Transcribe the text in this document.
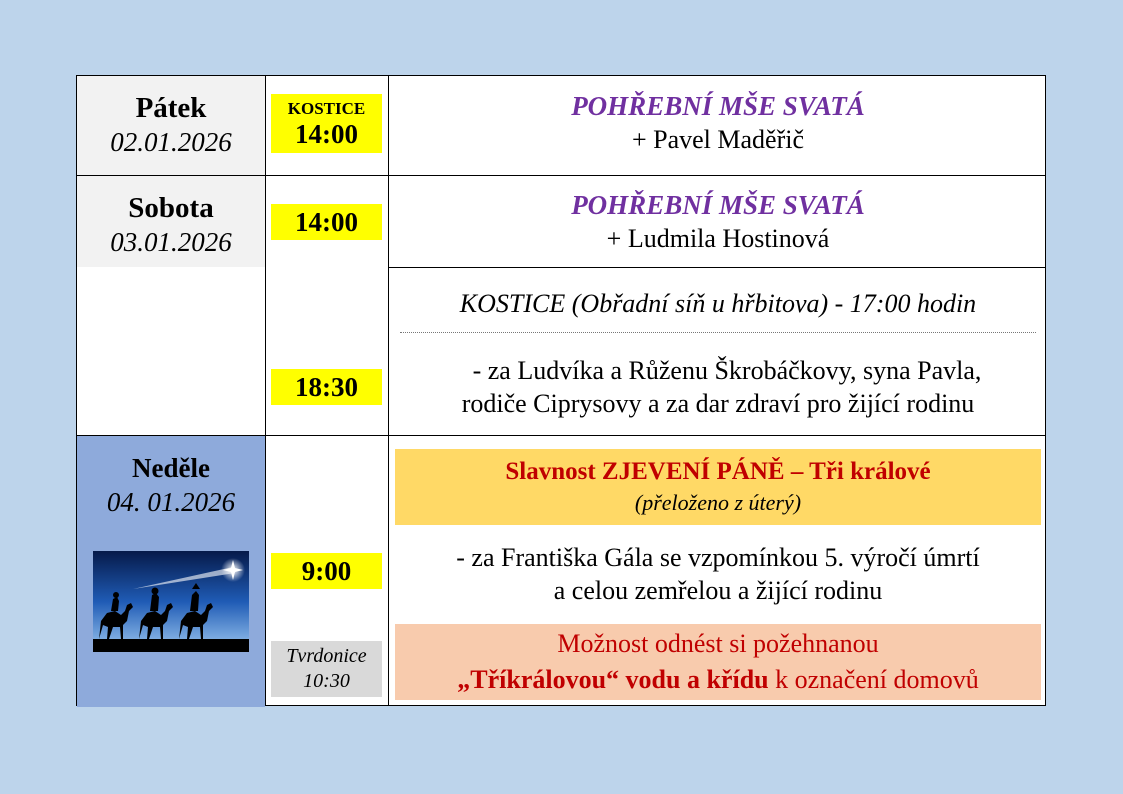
Pátek
02.01.2026
KOSTICE
14:00
POHŘEBNÍ MŠE SVATÁ
+ Pavel Maděřič
Sobota
03.01.2026
14:00
POHŘEBNÍ MŠE SVATÁ
+ Ludmila Hostinová
KOSTICE (Obřadní síň u hřbitova) - 17:00 hodin
18:30
- za Ludvíka a Růženu Škrobáčkovy, syna Pavla,
rodiče Ciprysovy a za dar zdraví pro žijící rodinu
Neděle
04. 01.2026
9:00
Tvrdonice
10:30
Slavnost ZJEVENÍ PÁNĚ – Tři králové
(přeloženo z úterý)
- za Františka Gála se vzpomínkou 5. výročí úmrtí
a celou zemřelou a žijící rodinu
Možnost odnést si požehnanou
„Tříkrálovou“ vodu a křídu k označení domovů
